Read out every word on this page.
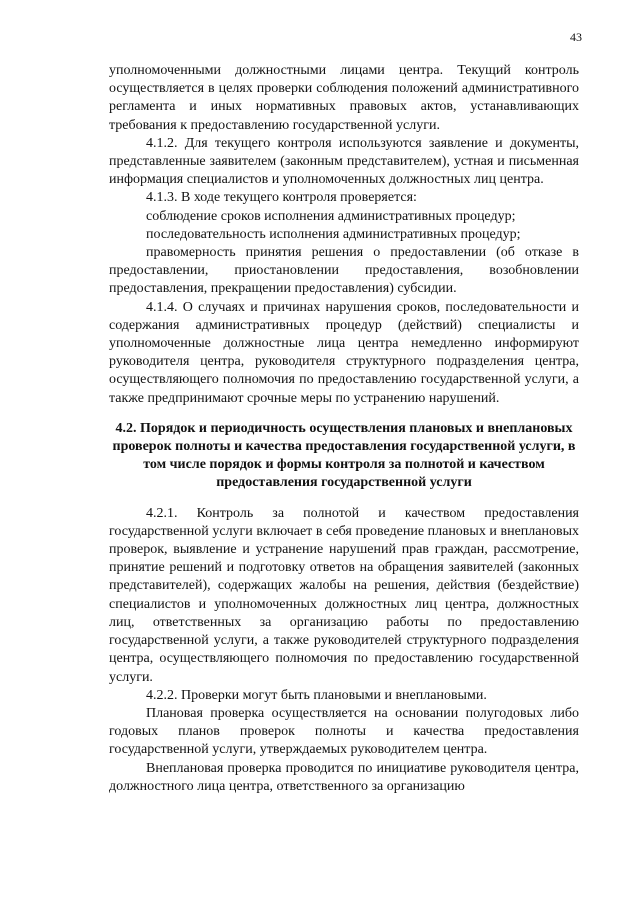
43

уполномоченными должностными лицами центра. Текущий контроль осуществляется в целях проверки соблюдения положений административного регламента и иных нормативных правовых актов, устанавливающих требования к предоставлению государственной услуги.

4.1.2. Для текущего контроля используются заявление и документы, представленные заявителем (законным представителем), устная и письменная информация специалистов и уполномоченных должностных лиц центра.

4.1.3. В ходе текущего контроля проверяется:

соблюдение сроков исполнения административных процедур;

последовательность исполнения административных процедур;

правомерность принятия решения о предоставлении (об отказе в предоставлении, приостановлении предоставления, возобновлении предоставления, прекращении предоставления) субсидии.

4.1.4. О случаях и причинах нарушения сроков, последовательности и содержания административных процедур (действий) специалисты и уполномоченные должностные лица центра немедленно информируют руководителя центра, руководителя структурного подразделения центра, осуществляющего полномочия по предоставлению государственной услуги, а также предпринимают срочные меры по устранению нарушений.

4.2. Порядок и периодичность осуществления плановых и внеплановых проверок полноты и качества предоставления государственной услуги, в том числе порядок и формы контроля за полнотой и качеством предоставления государственной услуги

4.2.1. Контроль за полнотой и качеством предоставления государственной услуги включает в себя проведение плановых и внеплановых проверок, выявление и устранение нарушений прав граждан, рассмотрение, принятие решений и подготовку ответов на обращения заявителей (законных представителей), содержащих жалобы на решения, действия (бездействие) специалистов и уполномоченных должностных лиц центра, должностных лиц, ответственных за организацию работы по предоставлению государственной услуги, а также руководителей структурного подразделения центра, осуществляющего полномочия по предоставлению государственной услуги.

4.2.2. Проверки могут быть плановыми и внеплановыми.

Плановая проверка осуществляется на основании полугодовых либо годовых планов проверок полноты и качества предоставления государственной услуги, утверждаемых руководителем центра.

Внеплановая проверка проводится по инициативе руководителя центра, должностного лица центра, ответственного за организацию
